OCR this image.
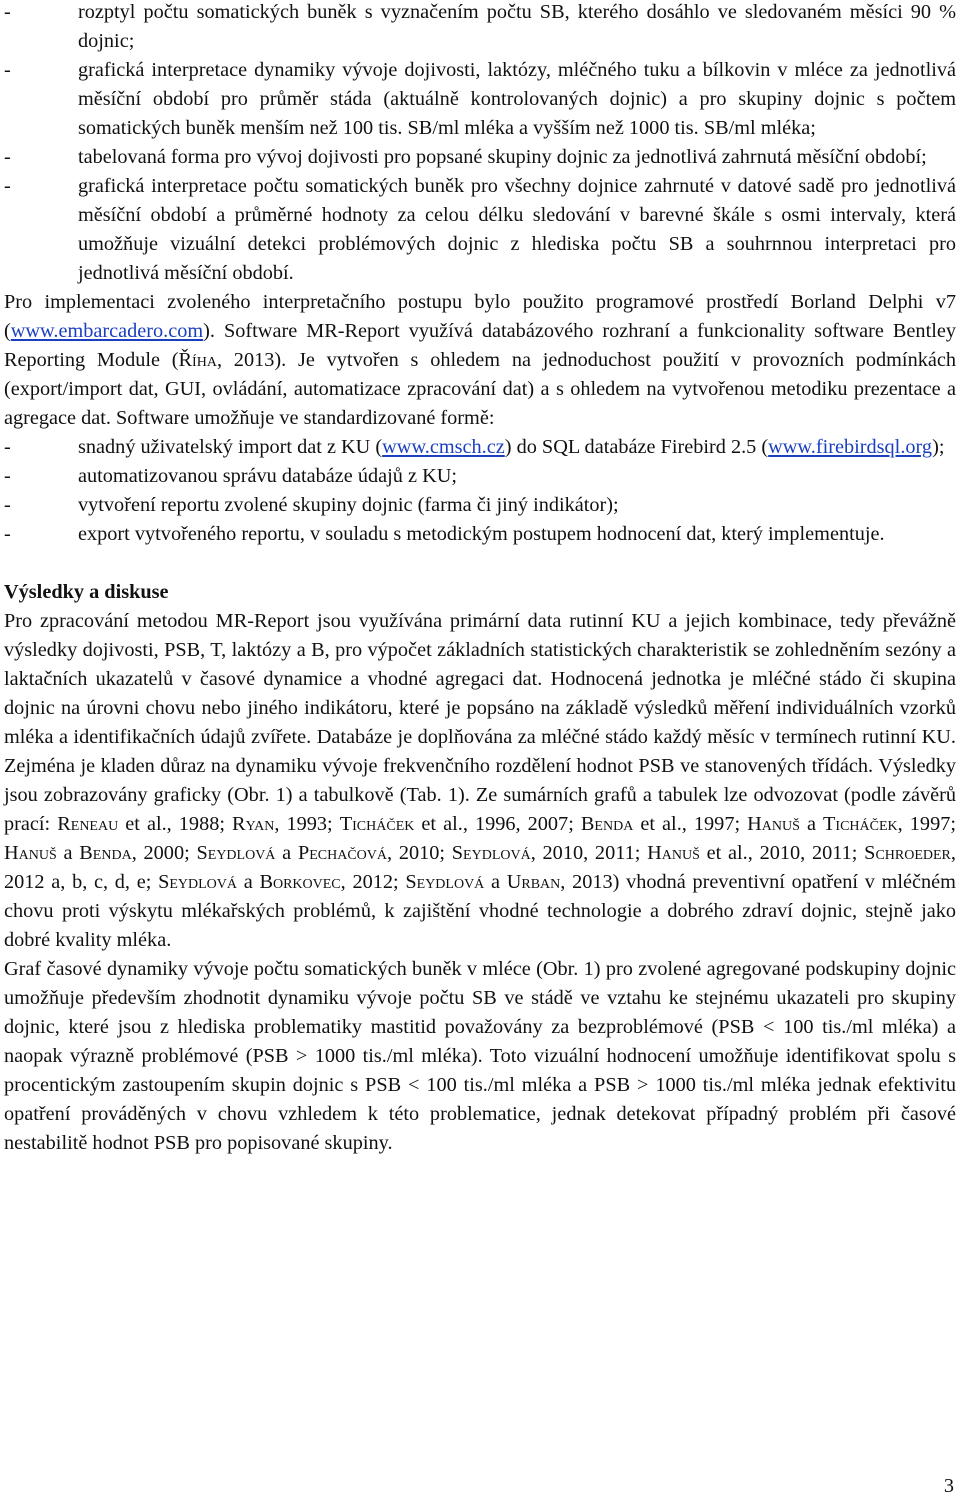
-	rozptyl počtu somatických buněk s vyznačením počtu SB, kterého dosáhlo ve sledovaném měsíci 90 % dojnic;
-	grafická interpretace dynamiky vývoje dojivosti, laktózy, mléčného tuku a bílkovin v mléce za jednotlivá měsíční období pro průměr stáda (aktuálně kontrolovaných dojnic) a pro skupiny dojnic s počtem somatických buněk menším než 100 tis. SB/ml mléka a vyšším než 1000 tis. SB/ml mléka;
-	tabelovaná forma pro vývoj dojivosti pro popsané skupiny dojnic za jednotlivá zahrnutá měsíční období;
-	grafická interpretace počtu somatických buněk pro všechny dojnice zahrnuté v datové sadě pro jednotlivá měsíční období a průměrné hodnoty za celou délku sledování v barevné škále s osmi intervaly, která umožňuje vizuální detekci problémových dojnic z hlediska počtu SB a souhrnnou interpretaci pro jednotlivá měsíční období.

Pro implementaci zvoleného interpretačního postupu bylo použito programové prostředí Borland Delphi v7 (www.embarcadero.com). Software MR-Report využívá databázového rozhraní a funkcionality software Bentley Reporting Module (Říha, 2013). Je vytvořen s ohledem na jednoduchost použití v provozních podmínkách (export/import dat, GUI, ovládání, automatizace zpracování dat) a s ohledem na vytvořenou metodiku prezentace a agregace dat. Software umožňuje ve standardizované formě:

-	snadný uživatelský import dat z KU (www.cmsch.cz) do SQL databáze Firebird 2.5 (www.firebirdsql.org);
-	automatizovanou správu databáze údajů z KU;
-	vytvoření reportu zvolené skupiny dojnic (farma či jiný indikátor);
-	export vytvořeného reportu, v souladu s metodickým postupem hodnocení dat, který implementuje.

Výsledky a diskuse

Pro zpracování metodou MR-Report jsou využívána primární data rutinní KU a jejich kombinace, tedy převážně výsledky dojivosti, PSB, T, laktózy a B, pro výpočet základních statistických charakteristik se zohledněním sezóny a laktačních ukazatelů v časové dynamice a vhodné agregaci dat. Hodnocená jednotka je mléčné stádo či skupina dojnic na úrovni chovu nebo jiného indikátoru, které je popsáno na základě výsledků měření individuálních vzorků mléka a identifikačních údajů zvířete. Databáze je doplňována za mléčné stádo každý měsíc v termínech rutinní KU. Zejména je kladen důraz na dynamiku vývoje frekvenčního rozdělení hodnot PSB ve stanovených třídách. Výsledky jsou zobrazovány graficky (Obr. 1) a tabulkově (Tab. 1). Ze sumárních grafů a tabulek lze odvozovat (podle závěrů prací: Reneau et al., 1988; Ryan, 1993; Ticháček et al., 1996, 2007; Benda et al., 1997; Hanuš a Ticháček, 1997; Hanuš a Benda, 2000; Seydlová a Pechačová, 2010; Seydlová, 2010, 2011; Hanuš et al., 2010, 2011; Schroeder, 2012 a, b, c, d, e; Seydlová a Borkovec, 2012; Seydlová a Urban, 2013) vhodná preventivní opatření v mléčném chovu proti výskytu mlékařských problémů, k zajištění vhodné technologie a dobrého zdraví dojnic, stejně jako dobré kvality mléka.

Graf časové dynamiky vývoje počtu somatických buněk v mléce (Obr. 1) pro zvolené agregované podskupiny dojnic umožňuje především zhodnotit dynamiku vývoje počtu SB ve stádě ve vztahu ke stejnému ukazateli pro skupiny dojnic, které jsou z hlediska problematiky mastitid považovány za bezproblémové (PSB < 100 tis./ml mléka) a naopak výrazně problémové (PSB > 1000 tis./ml mléka). Toto vizuální hodnocení umožňuje identifikovat spolu s procentickým zastoupením skupin dojnic s PSB < 100 tis./ml mléka a PSB > 1000 tis./ml mléka jednak efektivitu opatření prováděných v chovu vzhledem k této problematice, jednak detekovat případný problém při časové nestabilitě hodnot PSB pro popisované skupiny.

3
